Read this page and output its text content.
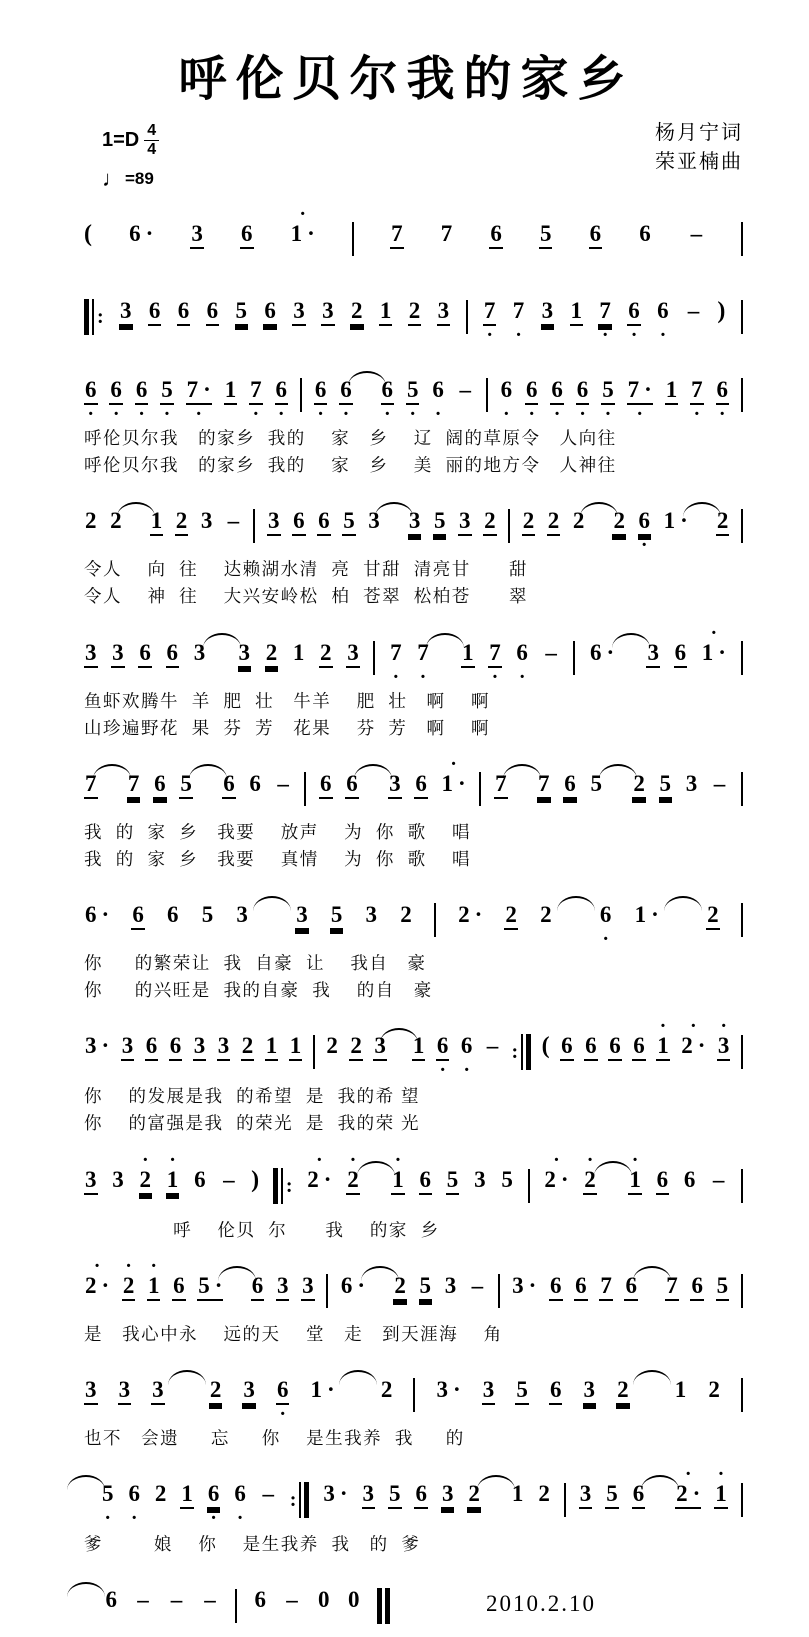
呼伦贝尔我的家乡
$1=D \frac{4}{4}$
♩ =89
杨月宁词
荣亚楠曲
( 6 · 3 6 1 ·
·
7 7 6 5 6 6 –
: 3 6 6 6 5 6 3 3 2 1 2 3 7
·
7
·
3 1 7
·
6
·
6
·
– )
6
·
6
·
6
·
5
·
7 ·
·
1 7
·
6
·
6
·
6
·
6
·
5
·
6
·
– 6
·
6
·
6
·
6
·
5
·
7 ·
·
1 7
·
6
·
呼伦贝尔我   的家乡  我的    家   乡    辽  阔的草原令   人向往
呼伦贝尔我   的家乡  我的    家   乡    美  丽的地方令   人神往
2 2 1 2 3 – 3 6 6 5 3 3 5 3 2 2 2 2 2 6
·
1 · 2
令人    向  往    达赖湖水清  亮  甘甜  清亮甘      甜
令人    神  往    大兴安岭松  柏  苍翠  松柏苍      翠
3 3 6 6 3 3 2 1 2 3 7
·
7
·
1 7
·
6
·
– 6 · 3 6 1 ·
·
鱼虾欢腾牛  羊  肥  壮   牛羊    肥  壮   啊    啊
山珍遍野花  果  芬  芳   花果    芬  芳   啊    啊
7 7 6 5 6 6 – 6 6 3 6 1 ·
·
7 7 6 5 2 5 3 –
我  的  家  乡   我要    放声    为  你  歌    唱
我  的  家  乡   我要    真情    为  你  歌    唱
6 · 6 6 5 3 3 5 3 2 2 · 2 2 6
·
1 · 2
你     的繁荣让  我  自豪  让    我自   豪
你     的兴旺是  我的自豪  我    的自   豪
3 · 3 6 6 3 3 2 1 1 2 2 3 1 6
·
6
·
– : ( 6 6 6 6 1
·
2 ·
·
3
·
你    的发展是我  的希望  是  我的希 望
你    的富强是我  的荣光  是  我的荣 光
3 3 2
·
1
·
6 – ) : 2 ·
·
2
·
1
·
6 5 3 5 2 ·
·
2
·
1
·
6 6 –
呼    伦贝  尔      我    的家  乡
2 ·
·
2
·
1
·
6 5 · 6 3 3 6 · 2 5 3 – 3 · 6 6 7 6 7 6 5
是   我心中永    远的天    堂   走   到天涯海    角
3 3 3 2 3 6
·
1 · 2 3 · 3 5 6 3 2 1 2
也不   会遗     忘     你    是生我养  我     的
5
·
6
·
2 1 6
·
6
·
– : 3 · 3 5 6 3 2 1 2 3 5 6 2 ·
·
1
·
爹        娘    你    是生我养  我   的  爹
6 – – – 6 – 0 0	2010.2.10
